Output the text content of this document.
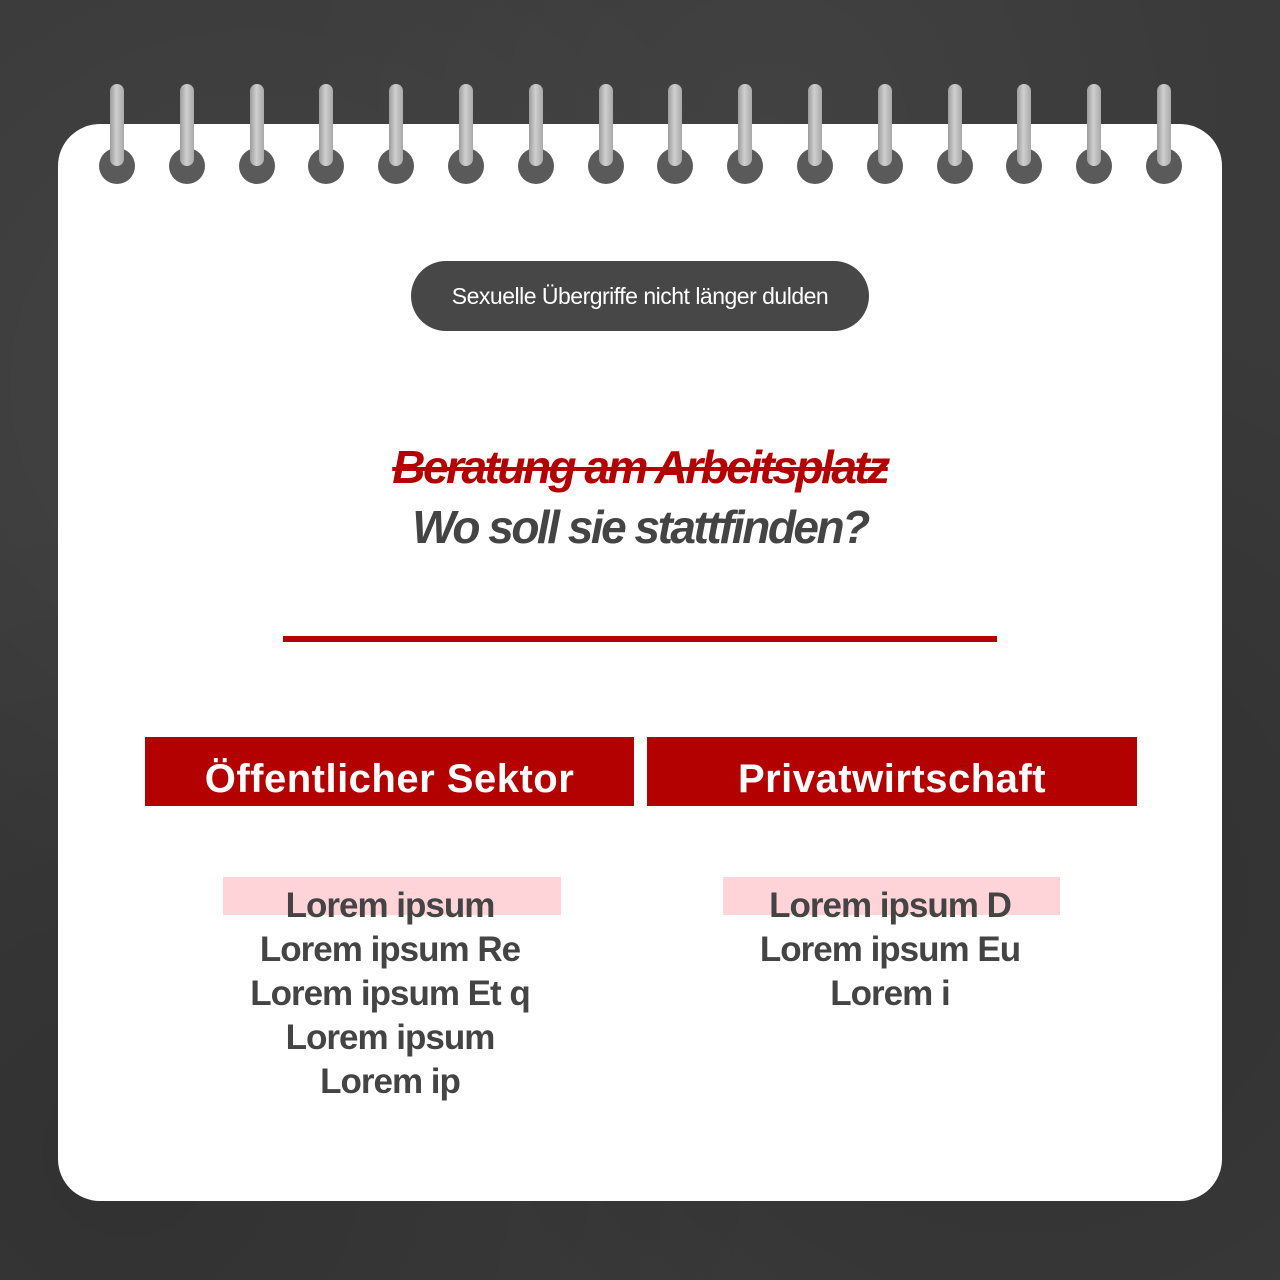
Sexuelle Übergriffe nicht länger dulden
Beratung am Arbeitsplatz
Wo soll sie stattfinden?
Öffentlicher Sektor	Privatwirtschaft
Lorem ipsum
Lorem ipsum Re
Lorem ipsum Et q
Lorem ipsum
Lorem ip
Lorem ipsum D
Lorem ipsum Eu
Lorem i
